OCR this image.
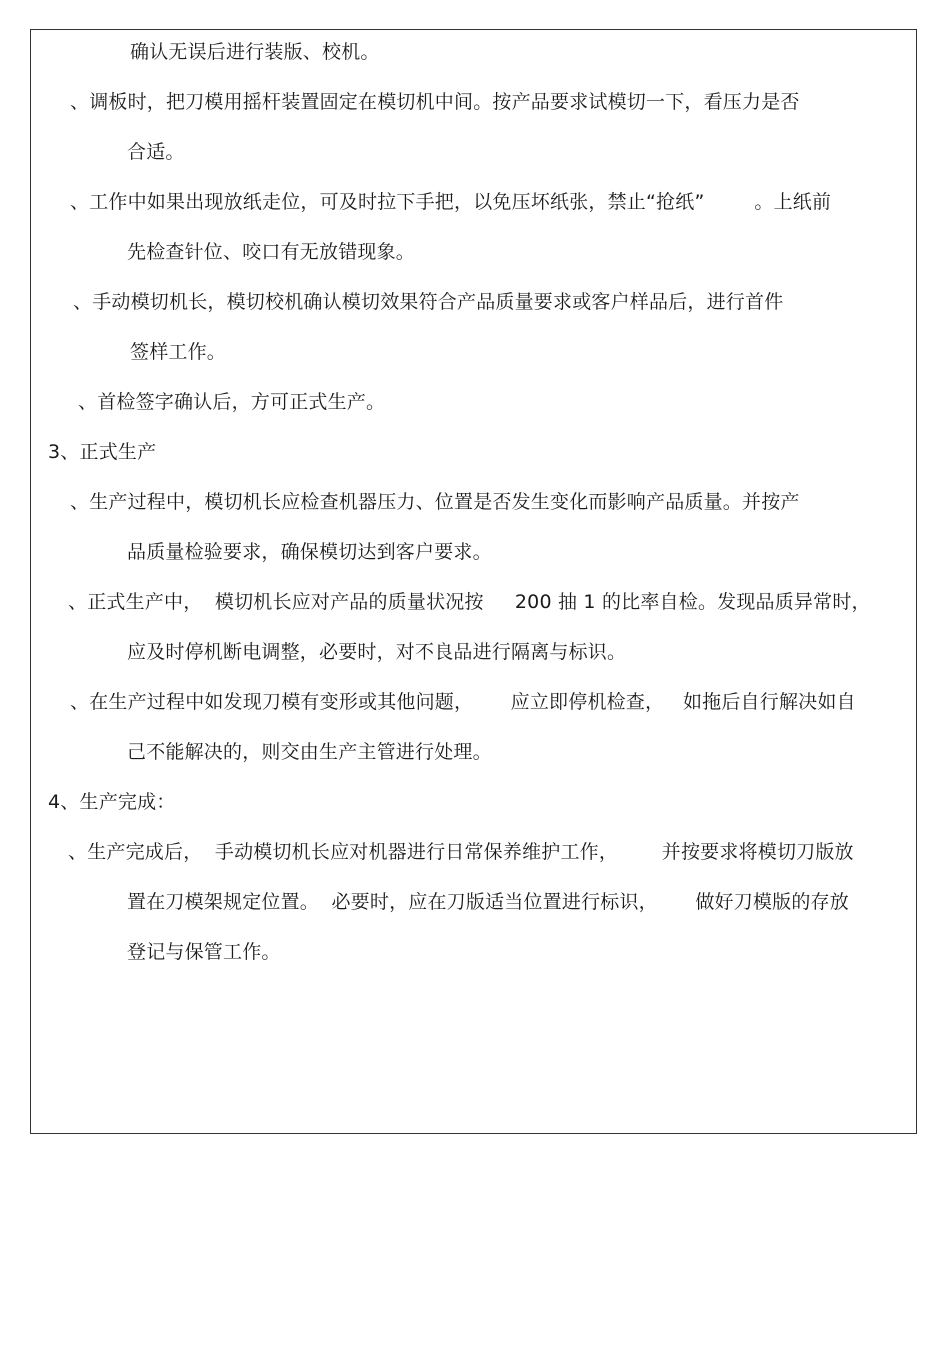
确认无误后进行装版、校机。
、调板时，把刀模用摇杆装置固定在模切机中间。按产品要求试模切一下，看压力是否
合适。
、工作中如果出现放纸走位，可及时拉下手把，以免压坏纸张，禁止“抢纸”        。上纸前
先检查针位、咬口有无放错现象。
、手动模切机长，模切校机确认模切效果符合产品质量要求或客户样品后，进行首件
签样工作。
、首检签字确认后，方可正式生产。
3、正式生产
、生产过程中，模切机长应检查机器压力、位置是否发生变化而影响产品质量。并按产
品质量检验要求，确保模切达到客户要求。
、正式生产中，  模切机长应对产品的质量状况按     200 抽 1 的比率自检。发现品质异常时，
应及时停机断电调整，必要时，对不良品进行隔离与标识。
、在生产过程中如发现刀模有变形或其他问题，      应立即停机检查，   如拖后自行解决如自
己不能解决的，则交由生产主管进行处理。
4、生产完成：
、生产完成后，  手动模切机长应对机器进行日常保养维护工作，       并按要求将模切刀版放
置在刀模架规定位置。  必要时，应在刀版适当位置进行标识，      做好刀模版的存放
登记与保管工作。
